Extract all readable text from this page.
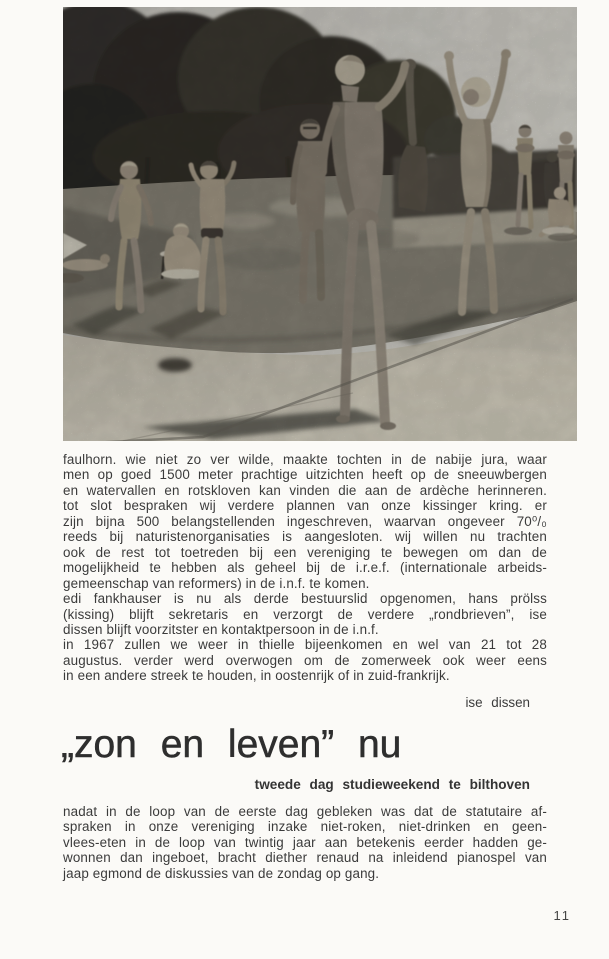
faulhorn. wie niet zo ver wilde, maakte tochten in de nabije jura, waar
men op goed 1500 meter prachtige uitzichten heeft op de sneeuwbergen
en watervallen en rotskloven kan vinden die aan de ardèche herinneren.
tot slot bespraken wij verdere plannen van onze kissinger kring. er
zijn bijna 500 belangstellenden ingeschreven, waarvan ongeveer 70⁰/₀
reeds bij naturistenorganisaties is aangesloten. wij willen nu trachten
ook de rest tot toetreden bij een vereniging te bewegen om dan de
mogelijkheid te hebben als geheel bij de i.r.e.f. (internationale arbeids-
gemeenschap van reformers) in de i.n.f. te komen.
edi fankhauser is nu als derde bestuurslid opgenomen, hans prölss
(kissing) blijft sekretaris en verzorgt de verdere „rondbrieven”, ise
dissen blijft voorzitster en kontaktpersoon in de i.n.f.
in 1967 zullen we weer in thielle bijeenkomen en wel van 21 tot 28
augustus. verder werd overwogen om de zomerweek ook weer eens
in een andere streek te houden, in oostenrijk of in zuid-frankrijk.
ise dissen
„zon en leven” nu
tweede dag studieweekend te bilthoven
nadat in de loop van de eerste dag gebleken was dat de statutaire af-
spraken in onze vereniging inzake niet-roken, niet-drinken en geen-
vlees-eten in de loop van twintig jaar aan betekenis eerder hadden ge-
wonnen dan ingeboet, bracht diether renaud na inleidend pianospel van
jaap egmond de diskussies van de zondag op gang.
11
